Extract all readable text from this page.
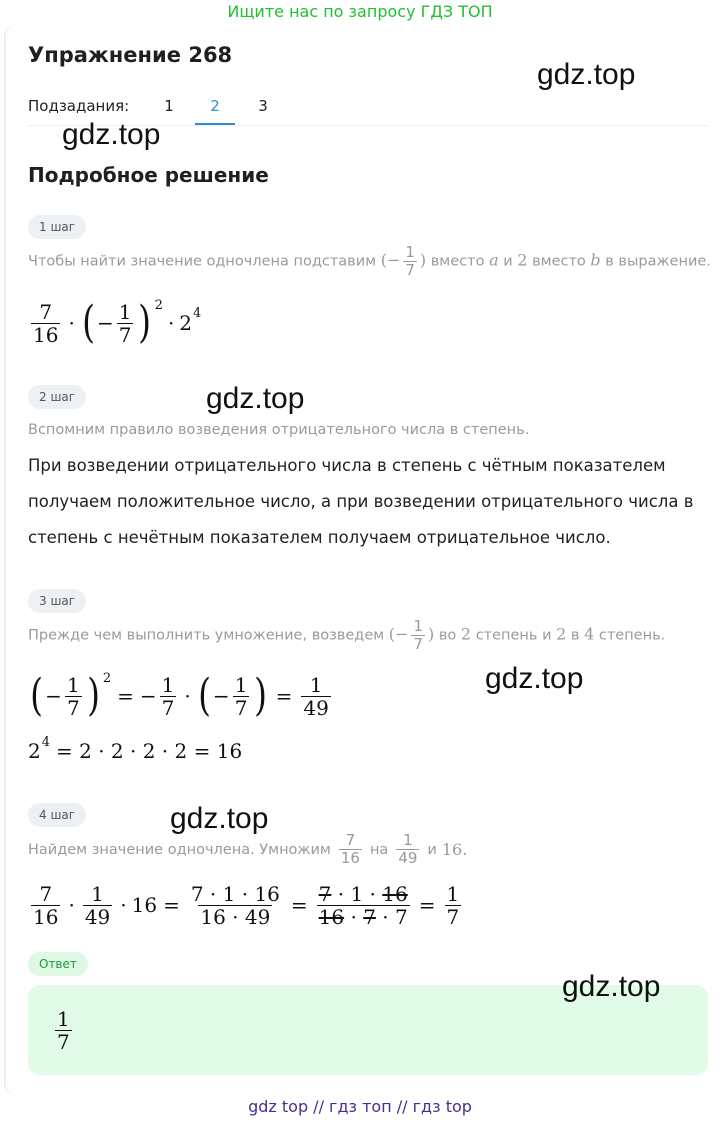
Ищите нас по запросу ГДЗ ТОП
Упражнение 268
Подзадания:	1	2	3
Подробное решение
1 шаг
Чтобы найти значение одночлена подставим (− $\frac{1}{7}$ ) вместо a и 2 вместо b в выражение.
$\frac{7}{16}$ · ( − $\frac{1}{7}$ ) 2
· 2 4
2 шаг
Вспомним правило возведения отрицательного числа в степень.
При возведении отрицательного числа в степень с чётным показателем получаем положительное число, а при возведении отрицательного числа в степень с нечётным показателем получаем отрицательное число.
3 шаг
Прежде чем выполнить умножение, возведем (− $\frac{1}{7}$ ) во 2 степень и 2 в 4 степень.
( − $\frac{1}{7}$ ) 2
= − $\frac{1}{7}$ · ( − $\frac{1}{7}$ ) = $\frac{1}{49}$
2 4 = 2 · 2 · 2 · 2 = 16
4 шаг
Найдем значение одночлена. Умножим $\frac{7}{16}$ на $\frac{1}{49}$ и 16.
$\frac{7}{16} \cdot \frac{1}{49} \cdot 16 = \frac{7 \cdot 1 \cdot 16}{16 \cdot 49} = \frac{7 \cdot 1 \cdot 16}{16 \cdot 7 \cdot 7} = \frac{1}{7}$
Ответ
$\frac{1}{7}$
gdz.top
gdz.top
gdz.top
gdz.top
gdz.top
gdz.top
gdz top // гдз топ // гдз top
